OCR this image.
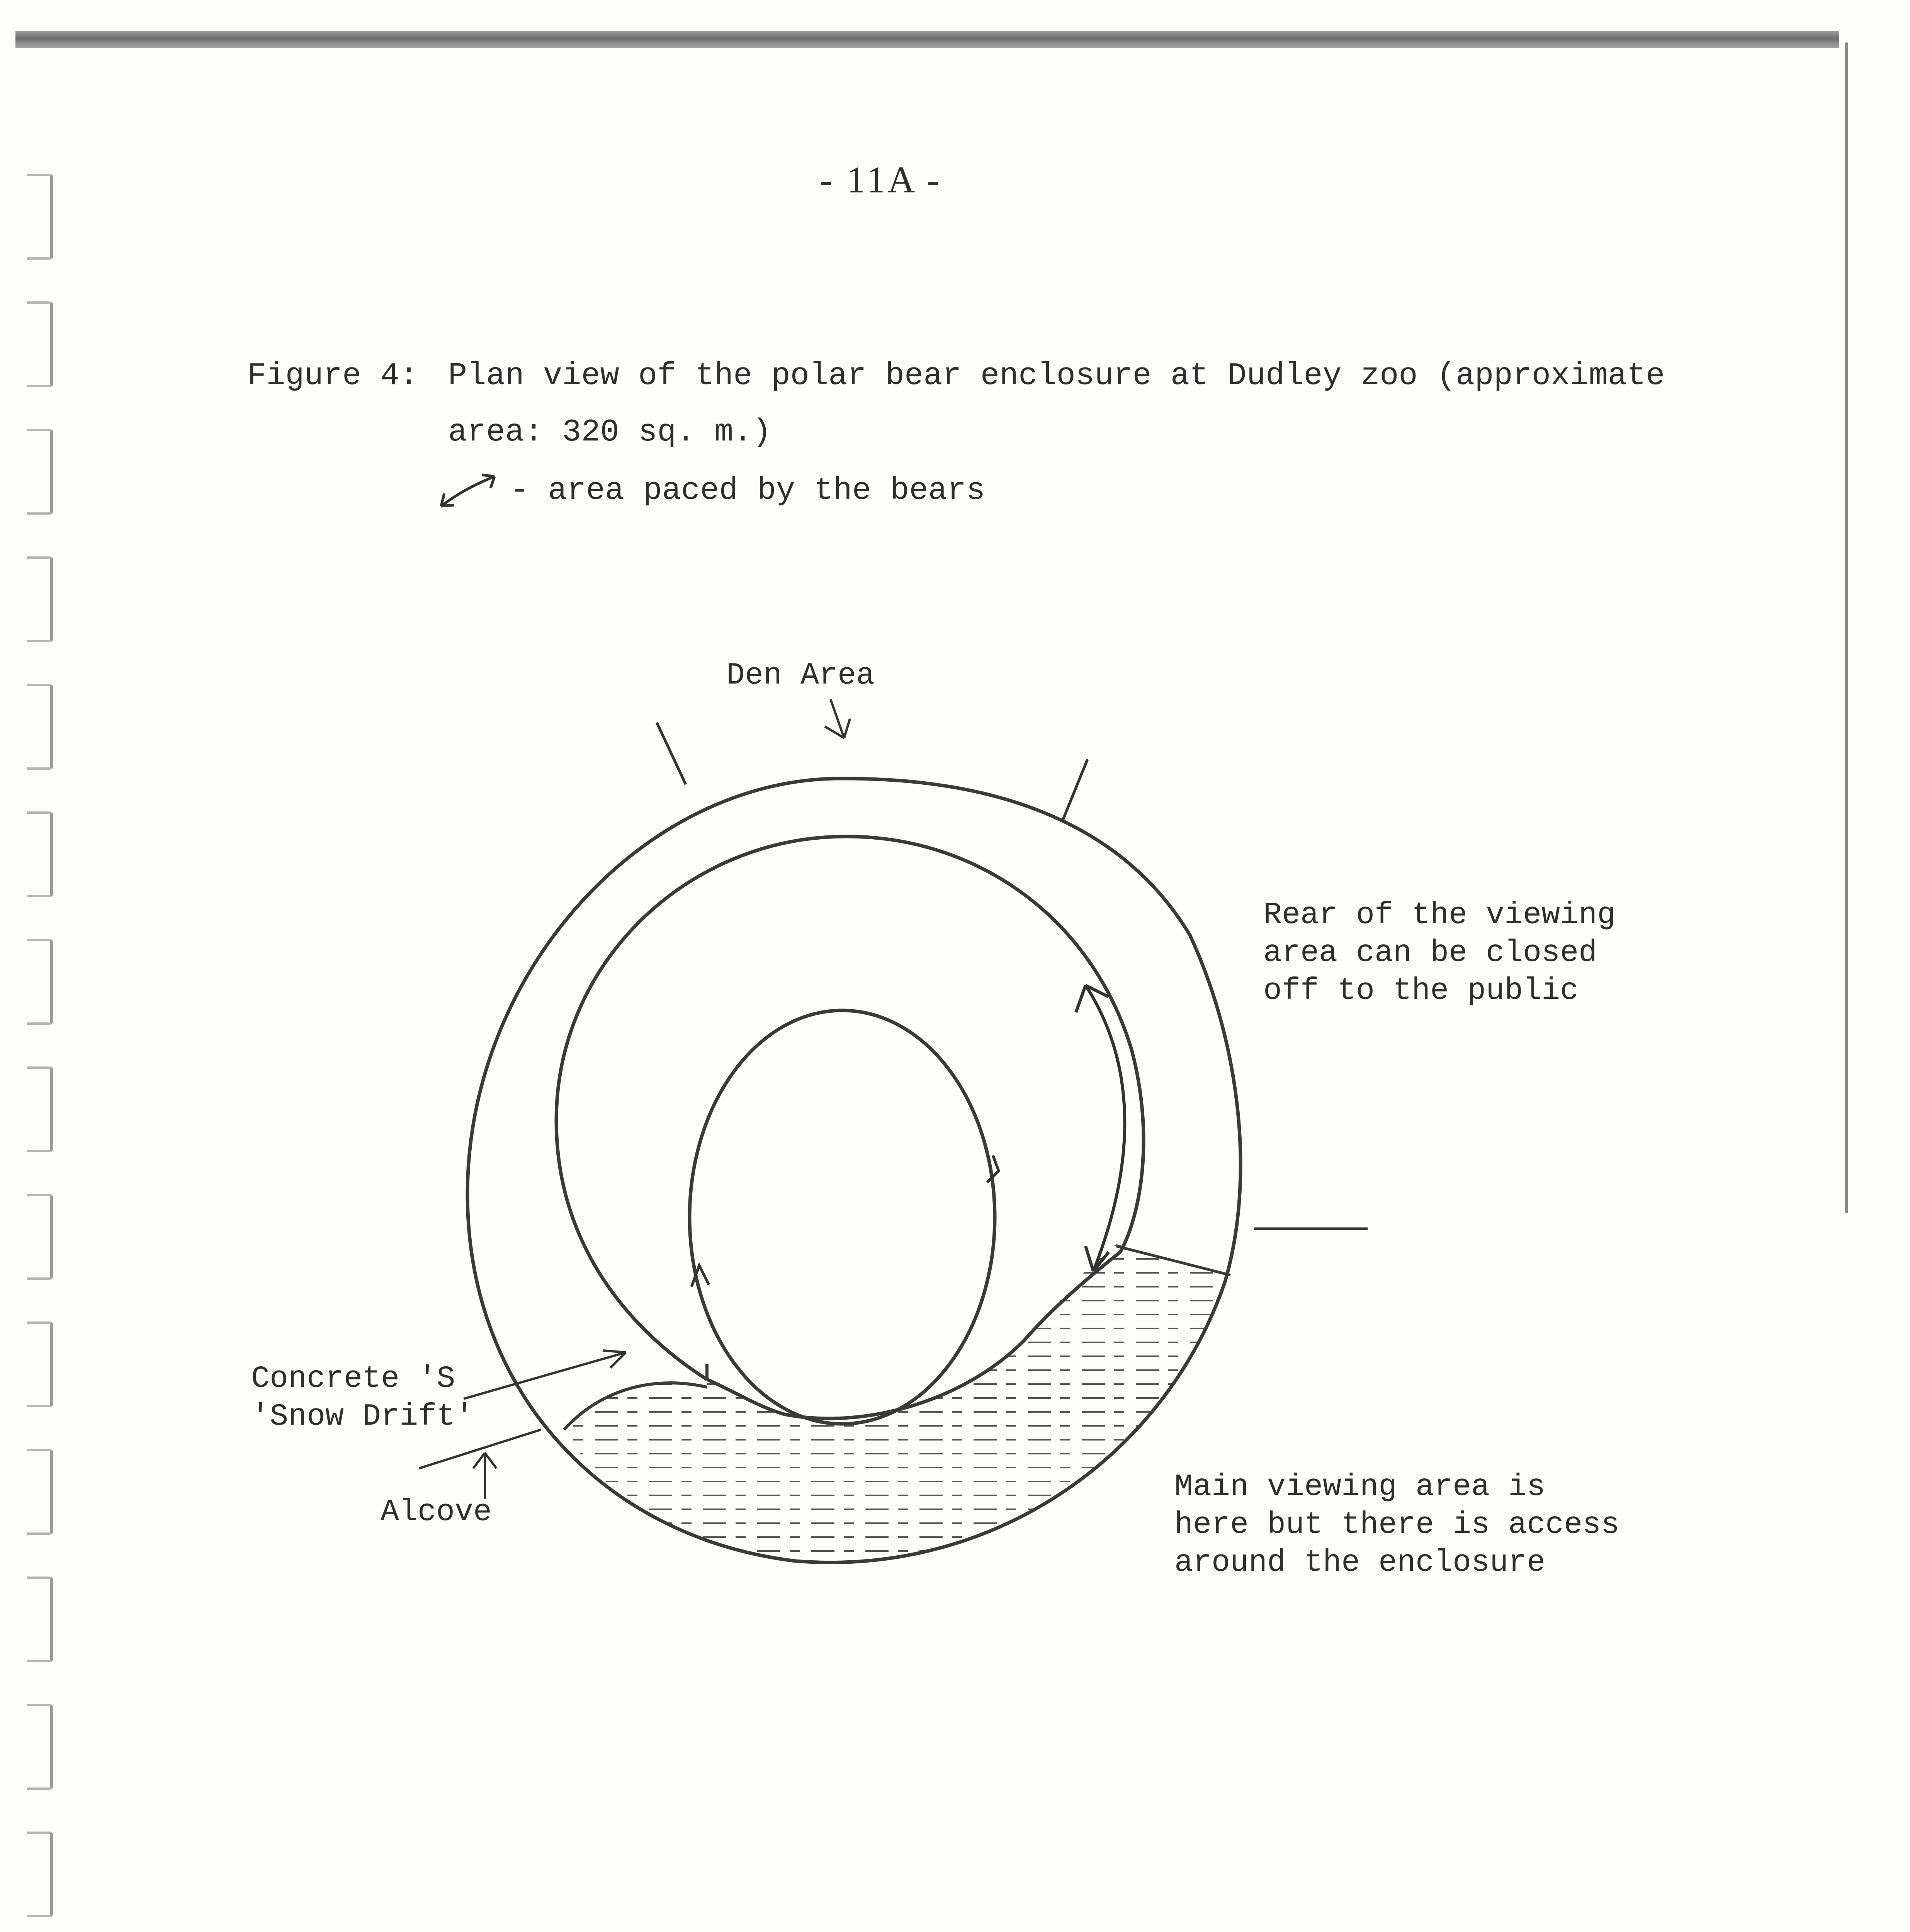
- 11A -
Figure 4: Plan view of the polar bear enclosure at Dudley zoo (approximate
area: 320 sq. m.)
- area paced by the bears
Den Area
Rear of the viewing
area can be closed
off to the public
Concrete 'S
'Snow Drift'
Alcove
Main viewing area is
here but there is access
around the enclosure
